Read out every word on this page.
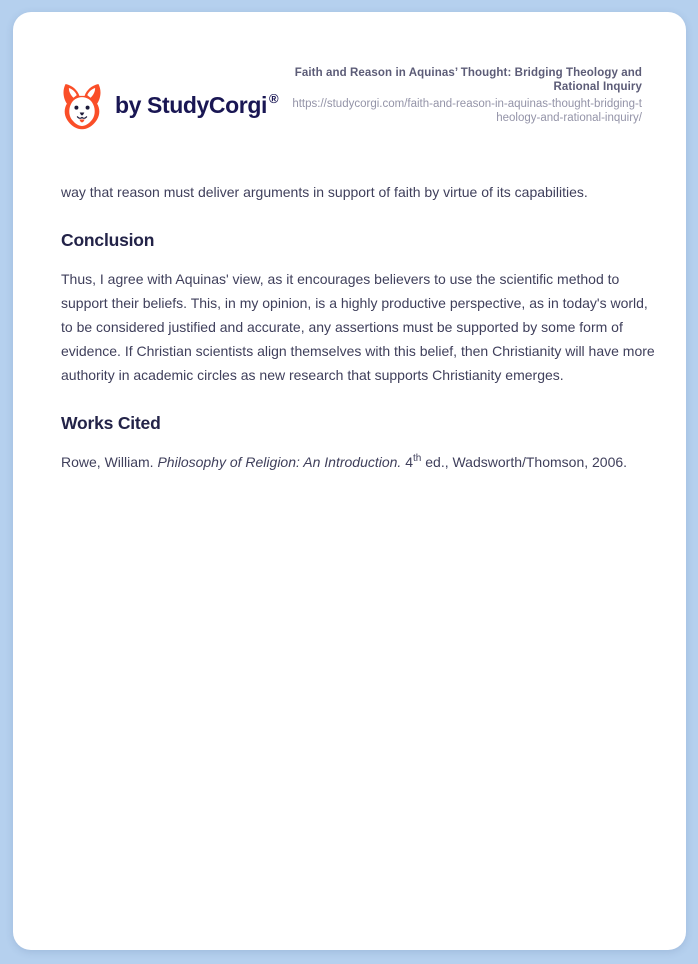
by StudyCorgi ®
Faith and Reason in Aquinas’ Thought: Bridging Theology and Rational Inquiry
https://studycorgi.com/faith-and-reason-in-aquinas-thought-bridging-theology-and-rational-inquiry/

way that reason must deliver arguments in support of faith by virtue of its capabilities.

Conclusion

Thus, I agree with Aquinas' view, as it encourages believers to use the scientific method to support their beliefs. This, in my opinion, is a highly productive perspective, as in today's world, to be considered justified and accurate, any assertions must be supported by some form of evidence. If Christian scientists align themselves with this belief, then Christianity will have more authority in academic circles as new research that supports Christianity emerges.

Works Cited

Rowe, William. Philosophy of Religion: An Introduction. 4th ed., Wadsworth/Thomson, 2006.
